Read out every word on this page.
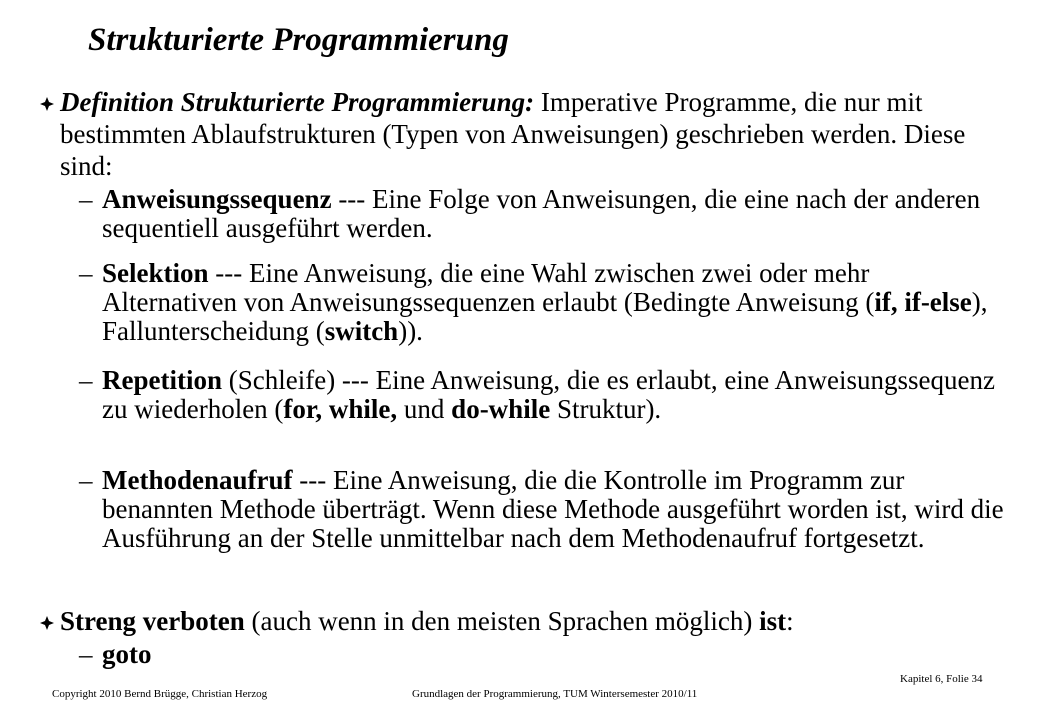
Strukturierte Programmierung
Definition Strukturierte Programmierung: Imperative Programme, die nur mit bestimmten Ablaufstrukturen (Typen von Anweisungen) geschrieben werden. Diese sind:
– Anweisungssequenz --- Eine Folge von Anweisungen, die eine nach der anderen sequentiell ausgeführt werden.
– Selektion --- Eine Anweisung, die eine Wahl zwischen zwei oder mehr Alternativen von Anweisungssequenzen erlaubt (Bedingte Anweisung (if, if-else), Fallunterscheidung (switch)).
– Repetition (Schleife) --- Eine Anweisung, die es erlaubt, eine Anweisungssequenz zu wiederholen (for, while, und do-while Struktur).
– Methodenaufruf --- Eine Anweisung, die die Kontrolle im Programm zur benannten Methode überträgt. Wenn diese Methode ausgeführt worden ist, wird die Ausführung an der Stelle unmittelbar nach dem Methodenaufruf fortgesetzt.
Streng verboten (auch wenn in den meisten Sprachen möglich) ist:
– goto
Copyright 2010 Bernd Brügge, Christian Herzog	Grundlagen der Programmierung, TUM Wintersemester 2010/11
Kapitel 6, Folie 34
